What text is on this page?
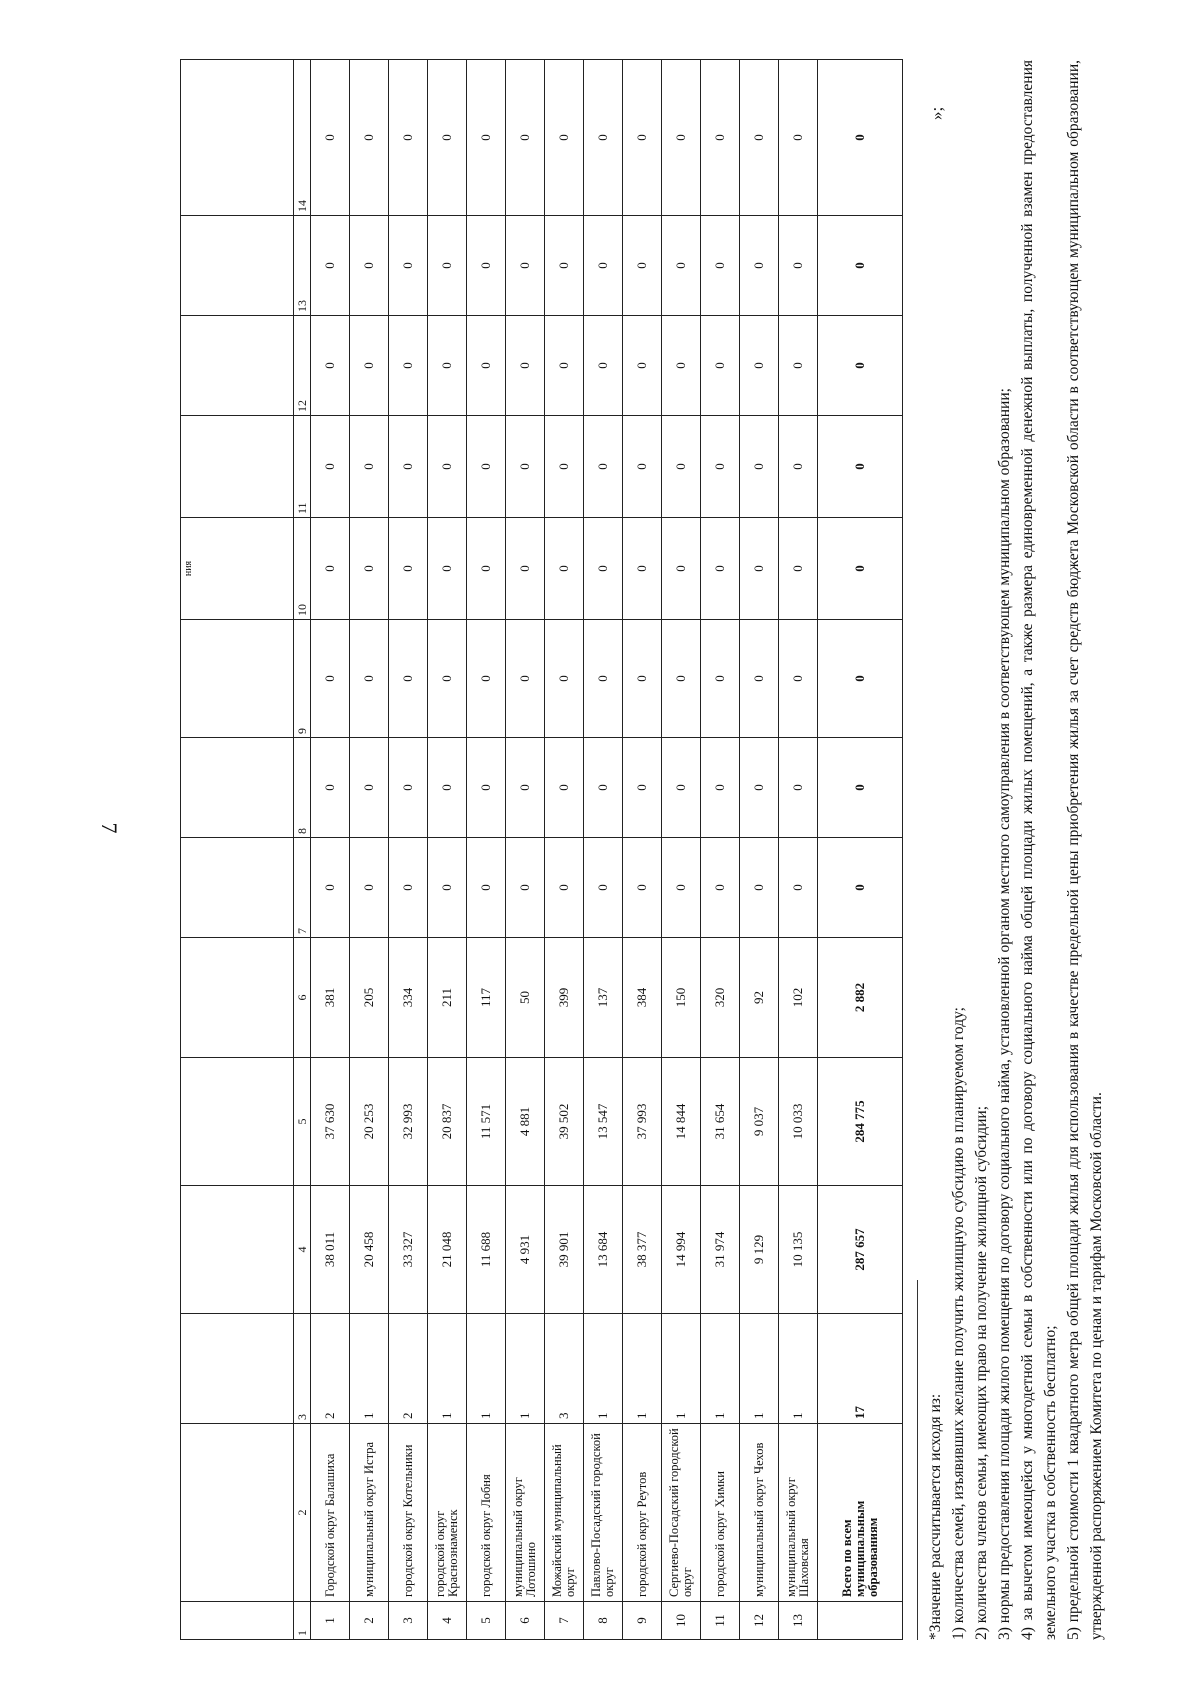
7
									ния				
1	2	3	4	5	6	7	8	9	10	11	12	13	14
1	Городской округ Балашиха	2	38 011	37 630	381	0	0	0	0	0	0	0	0
2	муниципальный округ Истра	1	20 458	20 253	205	0	0	0	0	0	0	0	0
3	городской округ Котельники	2	33 327	32 993	334	0	0	0	0	0	0	0	0
4	городской округ Краснознаменск	1	21 048	20 837	211	0	0	0	0	0	0	0	0
5	городской округ Лобня	1	11 688	11 571	117	0	0	0	0	0	0	0	0
6	муниципальный округ Лотошино	1	4 931	4 881	50	0	0	0	0	0	0	0	0
7	Можайский муниципальный округ	3	39 901	39 502	399	0	0	0	0	0	0	0	0
8	Павлово-Посадский городской округ	1	13 684	13 547	137	0	0	0	0	0	0	0	0
9	городской округ Реутов	1	38 377	37 993	384	0	0	0	0	0	0	0	0
10	Сергиево-Посадский городской округ	1	14 994	14 844	150	0	0	0	0	0	0	0	0
11	городской округ Химки	1	31 974	31 654	320	0	0	0	0	0	0	0	0
12	муниципальный округ Чехов	1	9 129	9 037	92	0	0	0	0	0	0	0	0
13	муниципальный округ Шаховская	1	10 135	10 033	102	0	0	0	0	0	0	0	0
	Всего по всем муниципальным образованиям	17	287 657	284 775	2 882	0	0	0	0	0	0	0	0
*Значение рассчитывается исходя из: 1) количества семей, изъявивших желание получить жилищную субсидию в планируемом году; 2) количества членов семьи, имеющих право на получение жилищной субсидии; 3) нормы предоставления площади жилого помещения по договору социального найма, установленной органом местного самоуправления в соответствующем муниципальном образовании; 4) за вычетом имеющейся у многодетной семьи в собственности или по договору социального найма общей площади жилых помещений, а также размера единовременной денежной выплаты, полученной взамен предоставления земельного участка в собственность бесплатно; 5) предельной стоимости 1 квадратного метра общей площади жилья для использования в качестве предельной цены приобретения жилья за счет средств бюджета Московской области в соответствующем муниципальном образовании, утвержденной распоряжением Комитета по ценам и тарифам Московской области.
»;
